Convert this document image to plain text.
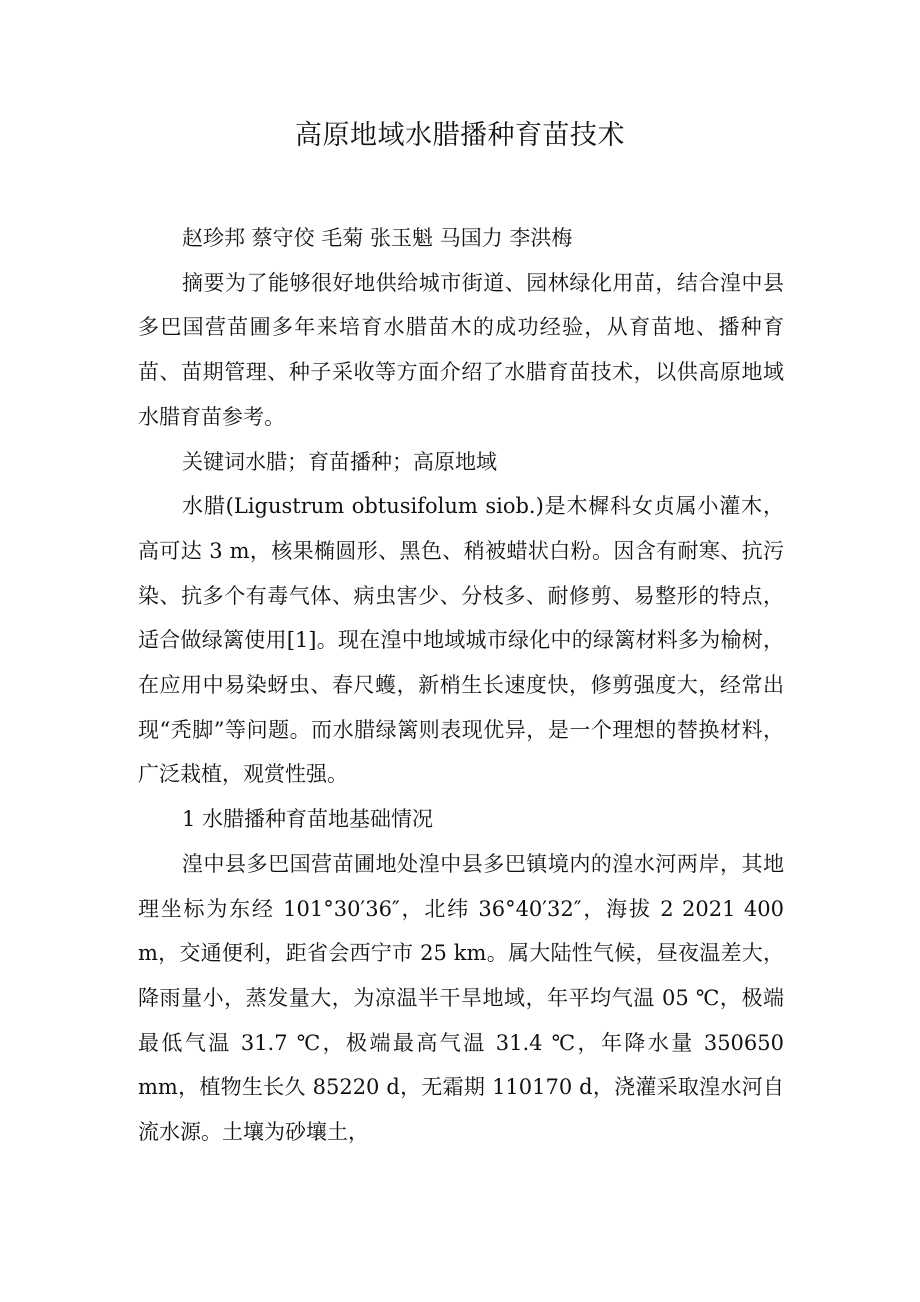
高原地域水腊播种育苗技术

赵珍邦 蔡守佼 毛菊 张玉魁 马国力 李洪梅

摘要为了能够很好地供给城市街道、园林绿化用苗，结合湟中县多巴国营苗圃多年来培育水腊苗木的成功经验，从育苗地、播种育苗、苗期管理、种子采收等方面介绍了水腊育苗技术，以供高原地域水腊育苗参考。

关键词水腊；育苗播种；高原地域

水腊(Ligustrum obtusifolum siob.)是木樨科女贞属小灌木，高可达 3 m，核果椭圆形、黑色、稍被蜡状白粉。因含有耐寒、抗污染、抗多个有毒气体、病虫害少、分枝多、耐修剪、易整形的特点，适合做绿篱使用[1]。现在湟中地域城市绿化中的绿篱材料多为榆树，在应用中易染蚜虫、春尺蠖，新梢生长速度快，修剪强度大，经常出现“秃脚”等问题。而水腊绿篱则表现优异，是一个理想的替换材料，广泛栽植，观赏性强。

1 水腊播种育苗地基础情况

湟中县多巴国营苗圃地处湟中县多巴镇境内的湟水河两岸，其地理坐标为东经 101°30′36″，北纬 36°40′32″，海拔 2 2021 400 m，交通便利，距省会西宁市 25 km。属大陆性气候，昼夜温差大，降雨量小，蒸发量大，为凉温半干旱地域，年平均气温 05 ℃，极端最低气温 31.7 ℃，极端最高气温 31.4 ℃，年降水量 350650 mm，植物生长久 85220 d，无霜期 110170 d，浇灌采取湟水河自流水源。土壤为砂壤土，
